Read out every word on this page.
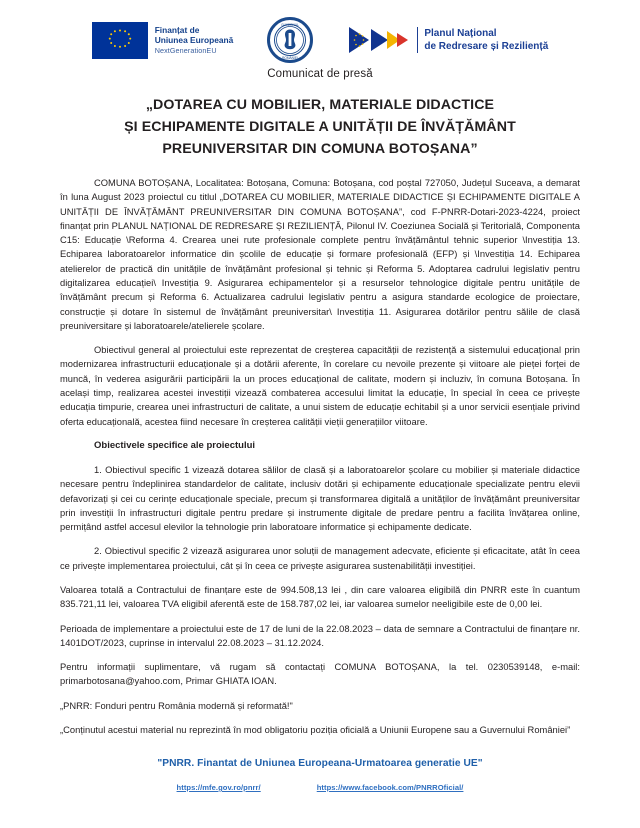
Finanțat de
Uniunea Europeană
NextGenerationEU
GUVERNUL
ROMÂNIEI
Planul Național
de Redresare și Reziliență
Comunicat de presă
„DOTAREA CU MOBILIER, MATERIALE DIDACTICE
ȘI ECHIPAMENTE DIGITALE A UNITĂȚII DE ÎNVĂȚĂMÂNT
PREUNIVERSITAR DIN COMUNA BOTOȘANA”

COMUNA BOTOȘANA, Localitatea: Botoșana, Comuna: Botoșana, cod poștal 727050, Județul Suceava, a demarat în luna August 2023 proiectul cu titlul „DOTAREA CU MOBILIER, MATERIALE DIDACTICE ȘI ECHIPAMENTE DIGITALE A UNITĂȚII DE ÎNVĂȚĂMÂNT PREUNIVERSITAR DIN COMUNA BOTOȘANA”, cod F-PNRR-Dotari-2023-4224, proiect finanțat prin PLANUL NAȚIONAL DE REDRESARE ȘI REZILIENȚĂ, Pilonul IV. Coeziunea Socială și Teritorială, Componenta C15: Educație \Reforma 4. Crearea unei rute profesionale complete pentru învățământul tehnic superior \Investiția 13. Echiparea laboratoarelor informatice din școlile de educație și formare profesională (EFP) și \Investiția 14. Echiparea atelierelor de practică din unitățile de învățământ profesional și tehnic și Reforma 5. Adoptarea cadrului legislativ pentru digitalizarea educației\ Investiția 9. Asigurarea echipamentelor și a resurselor tehnologice digitale pentru unitățile de învățământ precum și Reforma 6. Actualizarea cadrului legislativ pentru a asigura standarde ecologice de proiectare, construcție și dotare în sistemul de învățământ preuniversitar\ Investiția 11. Asigurarea dotărilor pentru sălile de clasă preuniversitare și laboratoarele/atelierele școlare.

Obiectivul general al proiectului este reprezentat de creșterea capacității de rezistență a sistemului educațional prin modernizarea infrastructurii educaționale și a dotării aferente, în corelare cu nevoile prezente și viitoare ale pieței forței de muncă, în vederea asigurării participării la un proces educațional de calitate, modern și incluziv, în comuna Botoșana. În același timp, realizarea acestei investiții vizează combaterea accesului limitat la educație, în special în ceea ce privește educația timpurie, crearea unei infrastructuri de calitate, a unui sistem de educație echitabil și a unor servicii esențiale privind oferta educațională, acestea fiind necesare în creșterea calității vieții generațiilor viitoare.

Obiectivele specifice ale proiectului

1. Obiectivul specific 1 vizează dotarea sălilor de clasă și a laboratoarelor școlare cu mobilier și materiale didactice necesare pentru îndeplinirea standardelor de calitate, inclusiv dotări și echipamente educaționale specializate pentru elevii defavorizați și cei cu cerințe educaționale speciale, precum și transformarea digitală a unităților de învățământ preuniversitar prin investiții în infrastructuri digitale pentru predare și instrumente digitale de predare pentru a facilita învățarea online, permițând astfel accesul elevilor la tehnologie prin laboratoare informatice și echipamente dedicate.

2. Obiectivul specific 2 vizează asigurarea unor soluții de management adecvate, eficiente și eficacitate, atât în ceea ce privește implementarea proiectului, cât și în ceea ce privește asigurarea sustenabilității investiției.

Valoarea totală a Contractului de finanțare este de 994.508,13 lei , din care valoarea eligibilă din PNRR este în cuantum 835.721,11 lei, valoarea TVA eligibil aferentă este de 158.787,02 lei, iar valoarea sumelor neeligibile este de 0,00 lei.

Perioada de implementare a proiectului este de 17 de luni de la 22.08.2023 – data de semnare a Contractului de finanțare nr. 1401DOT/2023, cuprinse in intervalul 22.08.2023 – 31.12.2024.

Pentru informații suplimentare, vă rugam să contactați COMUNA BOTOȘANA, la tel. 0230539148, e-mail: primarbotosana@yahoo.com, Primar GHIATA IOAN.

„PNRR: Fonduri pentru România modernă și reformată!"

„Conținutul acestui material nu reprezintă în mod obligatoriu poziția oficială a Uniunii Europene sau a Guvernului României”

"PNRR. Finantat de Uniunea Europeana-Urmatoarea generatie UE"
https://mfe.gov.ro/pnrr/	https://www.facebook.com/PNRROficial/
